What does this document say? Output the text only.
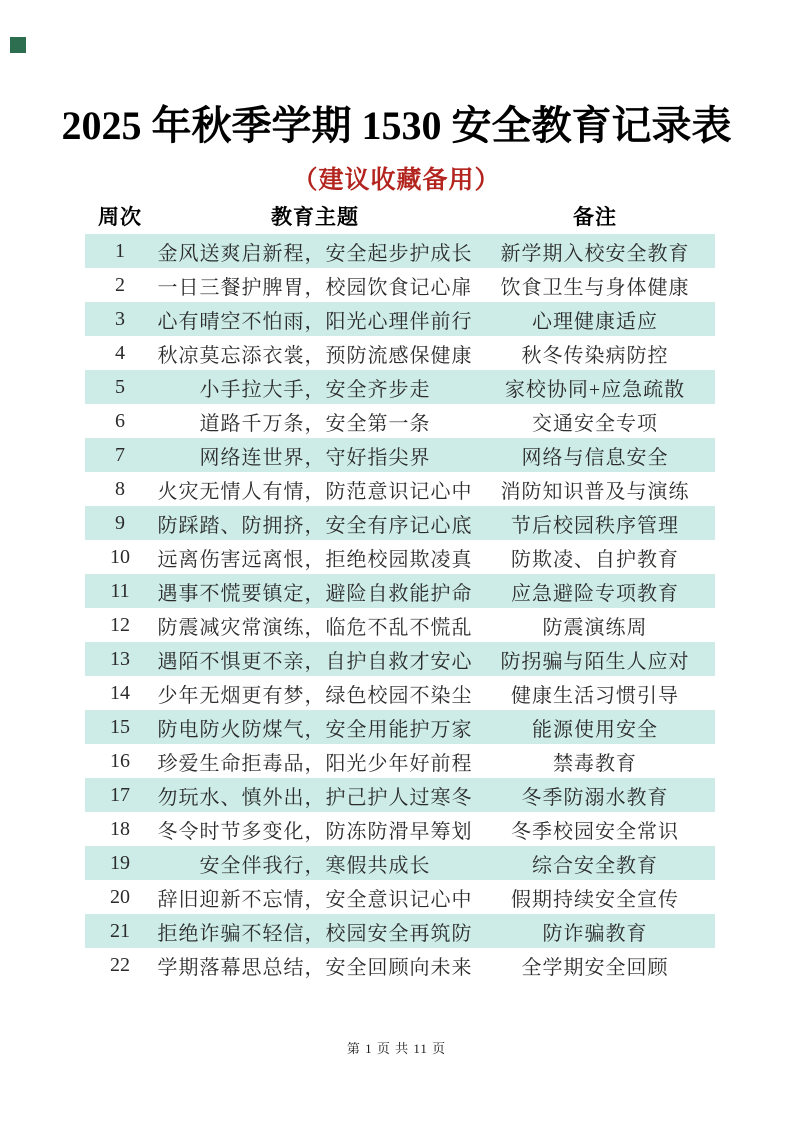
2025 年秋季学期 1530 安全教育记录表
（建议收藏备用）
周次	教育主题	备注
1	金风送爽启新程，安全起步护成长	新学期入校安全教育
2	一日三餐护脾胃，校园饮食记心扉	饮食卫生与身体健康
3	心有晴空不怕雨，阳光心理伴前行	心理健康适应
4	秋凉莫忘添衣裳，预防流感保健康	秋冬传染病防控
5	小手拉大手，安全齐步走	家校协同+应急疏散
6	道路千万条，安全第一条	交通安全专项
7	网络连世界，守好指尖界	网络与信息安全
8	火灾无情人有情，防范意识记心中	消防知识普及与演练
9	防踩踏、防拥挤，安全有序记心底	节后校园秩序管理
10	远离伤害远离恨，拒绝校园欺凌真	防欺凌、自护教育
11	遇事不慌要镇定，避险自救能护命	应急避险专项教育
12	防震减灾常演练，临危不乱不慌乱	防震演练周
13	遇陌不惧更不亲，自护自救才安心	防拐骗与陌生人应对
14	少年无烟更有梦，绿色校园不染尘	健康生活习惯引导
15	防电防火防煤气，安全用能护万家	能源使用安全
16	珍爱生命拒毒品，阳光少年好前程	禁毒教育
17	勿玩水、慎外出，护己护人过寒冬	冬季防溺水教育
18	冬令时节多变化，防冻防滑早筹划	冬季校园安全常识
19	安全伴我行，寒假共成长	综合安全教育
20	辞旧迎新不忘情，安全意识记心中	假期持续安全宣传
21	拒绝诈骗不轻信，校园安全再筑防	防诈骗教育
22	学期落幕思总结，安全回顾向未来	全学期安全回顾
第 1 页 共 11 页
